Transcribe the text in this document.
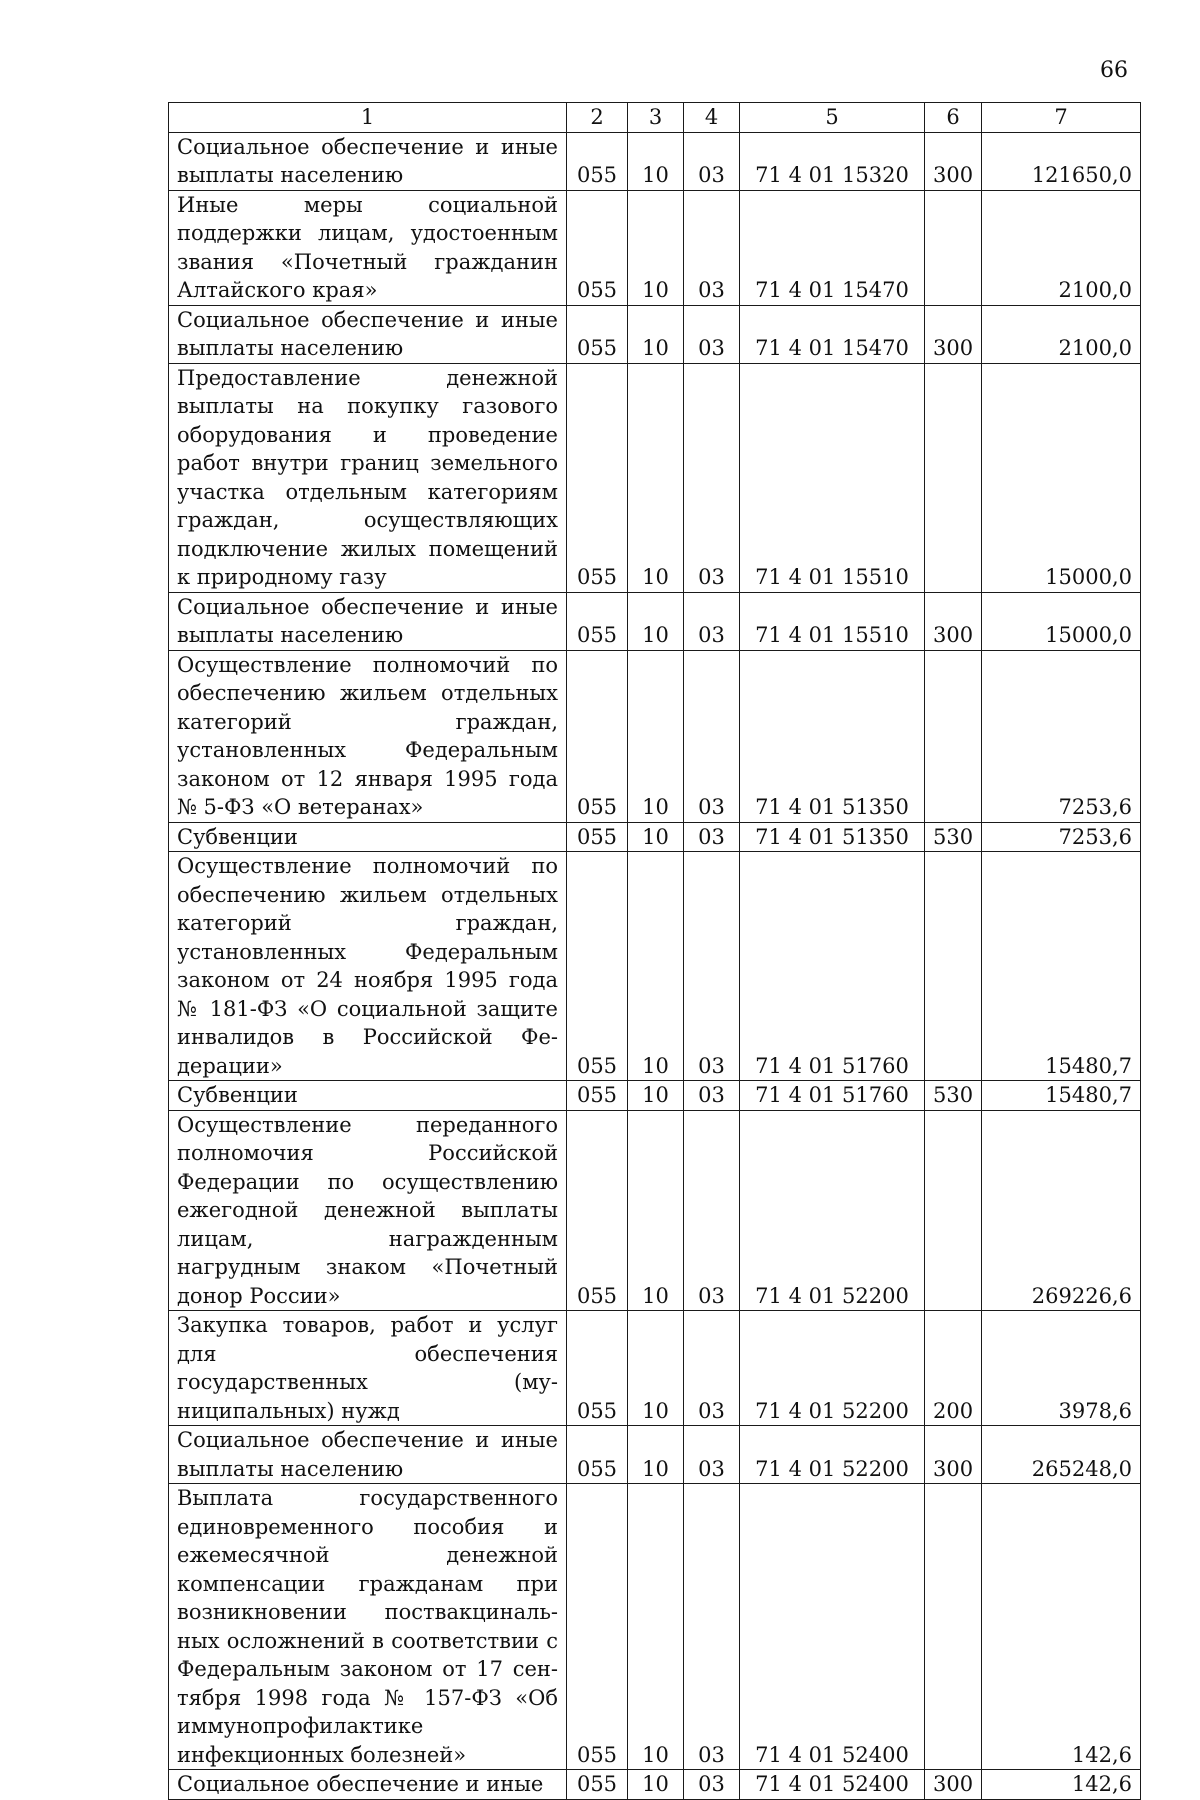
66
1	2	3	4	5	6	7
Социальное обеспечение и иные выплаты населению	055	10	03	71 4 01 15320	300	121650,0
Иные меры социальной поддержки лицам, удостоенным звания «Почетный гражданин Алтайского края»	055	10	03	71 4 01 15470		2100,0
Социальное обеспечение и иные выплаты населению	055	10	03	71 4 01 15470	300	2100,0
Предоставление денежной выплаты на покупку газового оборудования и проведение работ внутри границ земельного участка отдельным категориям граждан, осуществляющих подключение жилых помещений к природному газу	055	10	03	71 4 01 15510		15000,0
Социальное обеспечение и иные выплаты населению	055	10	03	71 4 01 15510	300	15000,0
Осуществление полномочий по обеспечению жильем отдельных категорий граждан, установленных Федеральным законом от 12 января 1995 года № 5-ФЗ «О ветеранах»	055	10	03	71 4 01 51350		7253,6
Субвенции	055	10	03	71 4 01 51350	530	7253,6
Осуществление полномочий по обеспечению жильем отдельных категорий граждан, установленных Федеральным законом от 24 ноября 1995 года № 181-ФЗ «О социальной защите инвалидов в Российской Федерации»	055	10	03	71 4 01 51760		15480,7
Субвенции	055	10	03	71 4 01 51760	530	15480,7
Осуществление переданного полномочия Российской Федерации по осуществлению ежегодной денежной выплаты лицам, награжденным нагрудным знаком «Почетный донор России»	055	10	03	71 4 01 52200		269226,6
Закупка товаров, работ и услуг для обеспечения государственных (муниципальных) нужд	055	10	03	71 4 01 52200	200	3978,6
Социальное обеспечение и иные выплаты населению	055	10	03	71 4 01 52200	300	265248,0
Выплата государственного единовременного пособия и ежемесячной денежной компенсации гражданам при возникновении поствакцинальных осложнений в соответствии с Федеральным законом от 17 сентября 1998 года № 157-ФЗ «Об иммунопрофилактике инфекционных болезней»	055	10	03	71 4 01 52400		142,6
Социальное обеспечение и иные	055	10	03	71 4 01 52400	300	142,6
